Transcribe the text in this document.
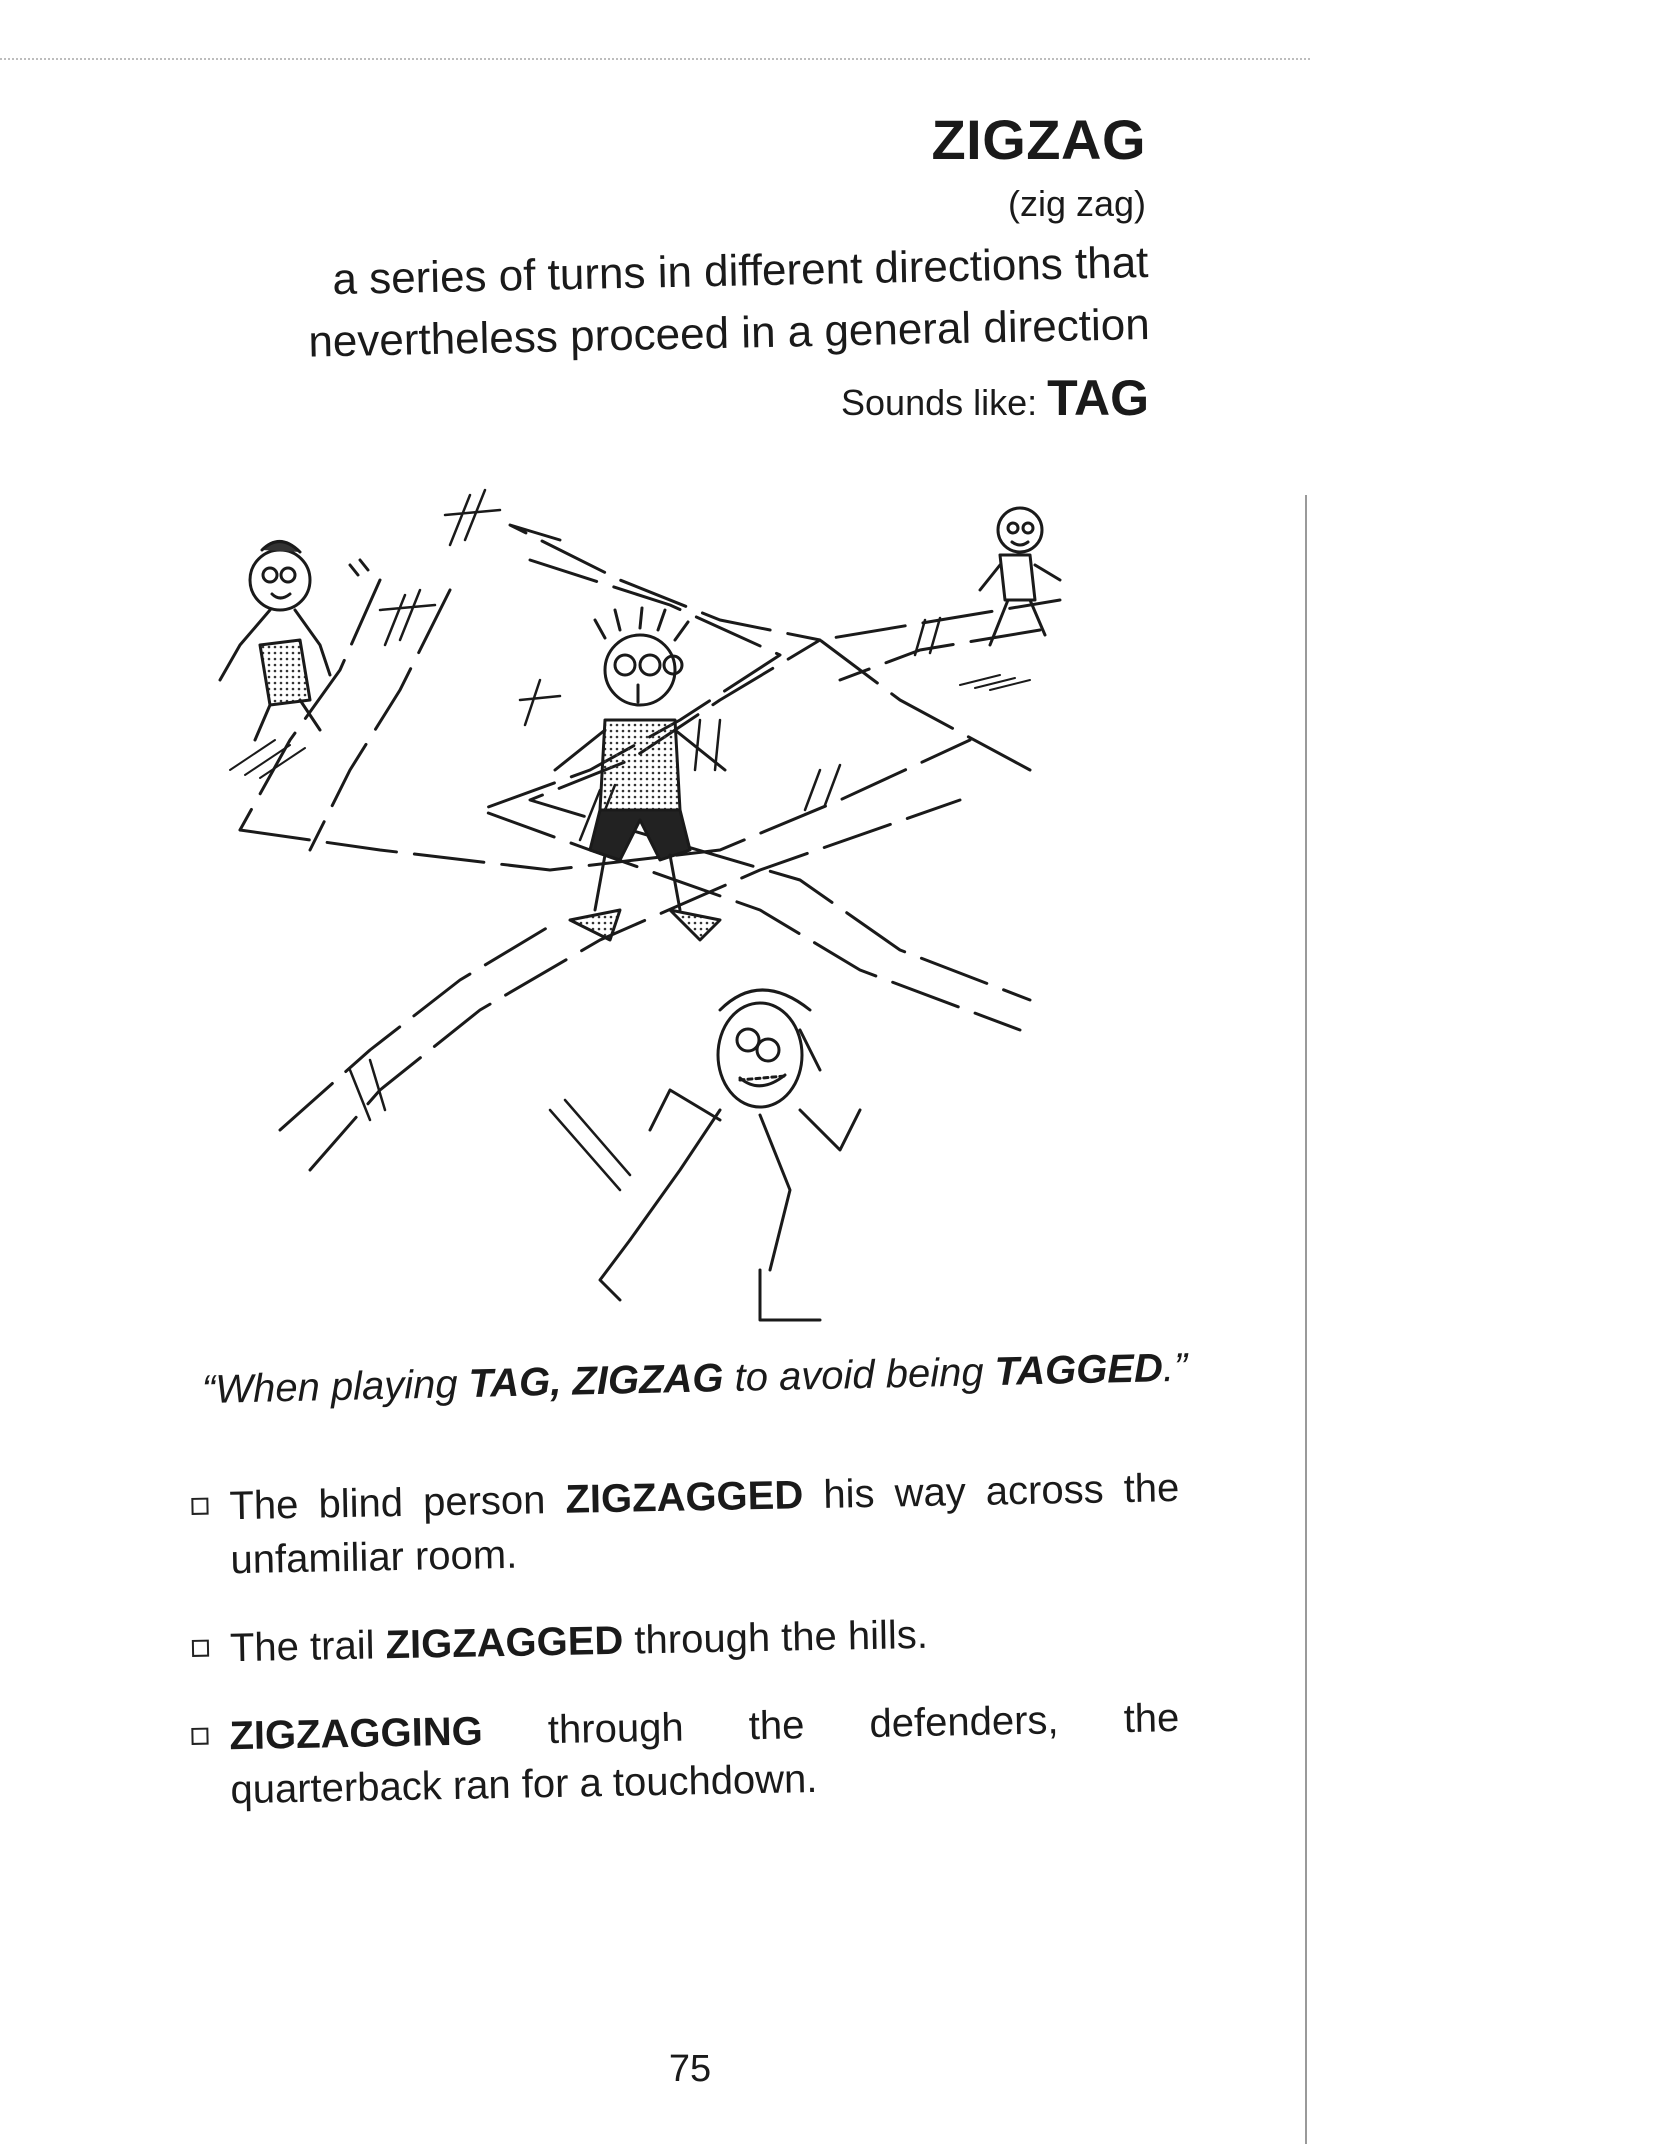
ZIGZAG
(zig zag)
a series of turns in different directions that
nevertheless proceed in a general direction
Sounds like: TAG
“When playing TAG, ZIGZAG to avoid being TAGGED.”
The blind person ZIGZAGGED his way across the unfamiliar room.
The trail ZIGZAGGED through the hills.
ZIGZAGGING through the defenders, the quarterback ran for a touchdown.
75
